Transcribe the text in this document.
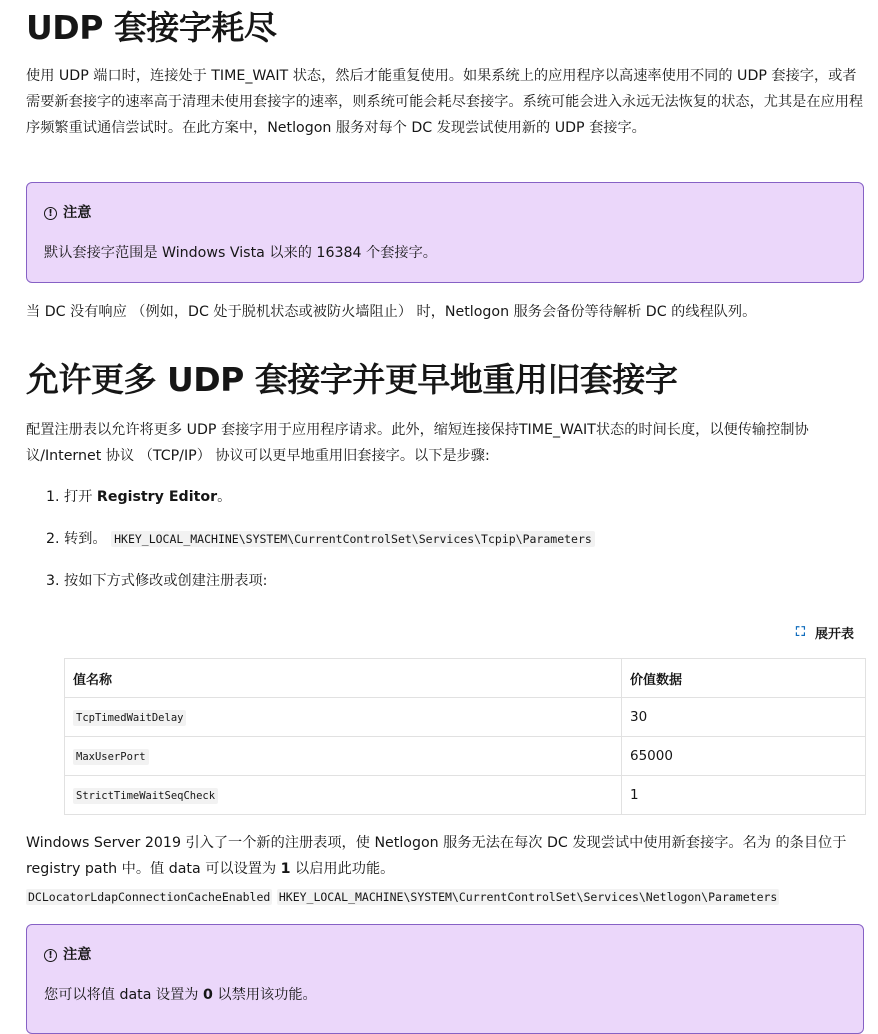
UDP 套接字耗尽

使用 UDP 端口时，连接处于 TIME_WAIT 状态，然后才能重复使用。如果系统上的应用程序以高速率使用不同的 UDP 套接字，或者需要新套接字的速率高于清理未使用套接字的速率，则系统可能会耗尽套接字。系统可能会进入永远无法恢复的状态，尤其是在应用程序频繁重试通信尝试时。在此方案中，Netlogon 服务对每个 DC 发现尝试使用新的 UDP 套接字。

! 注意
默认套接字范围是 Windows Vista 以来的 16384 个套接字。

当 DC 没有响应 （例如，DC 处于脱机状态或被防火墙阻止） 时，Netlogon 服务会备份等待解析 DC 的线程队列。

允许更多 UDP 套接字并更早地重用旧套接字

配置注册表以允许将更多 UDP 套接字用于应用程序请求。此外，缩短连接保持TIME_WAIT状态的时间长度，以便传输控制协议/Internet 协议 （TCP/IP） 协议可以更早地重用旧套接字。以下是步骤:

1. 打开 Registry Editor。
2. 转到。 HKEY_LOCAL_MACHINE\SYSTEM\CurrentControlSet\Services\Tcpip\Parameters
3. 按如下方式修改或创建注册表项:
⛶ 展开表
值名称	价值数据
TcpTimedWaitDelay	30
MaxUserPort	65000
StrictTimeWaitSeqCheck	1

Windows Server 2019 引入了一个新的注册表项，使 Netlogon 服务无法在每次 DC 发现尝试中使用新套接字。名为 的条目位于 registry path 中。值 data 可以设置为 1 以启用此功能。
DCLocatorLdapConnectionCacheEnabled HKEY_LOCAL_MACHINE\SYSTEM\CurrentControlSet\Services\Netlogon\Parameters

! 注意
您可以将值 data 设置为 0 以禁用该功能。
